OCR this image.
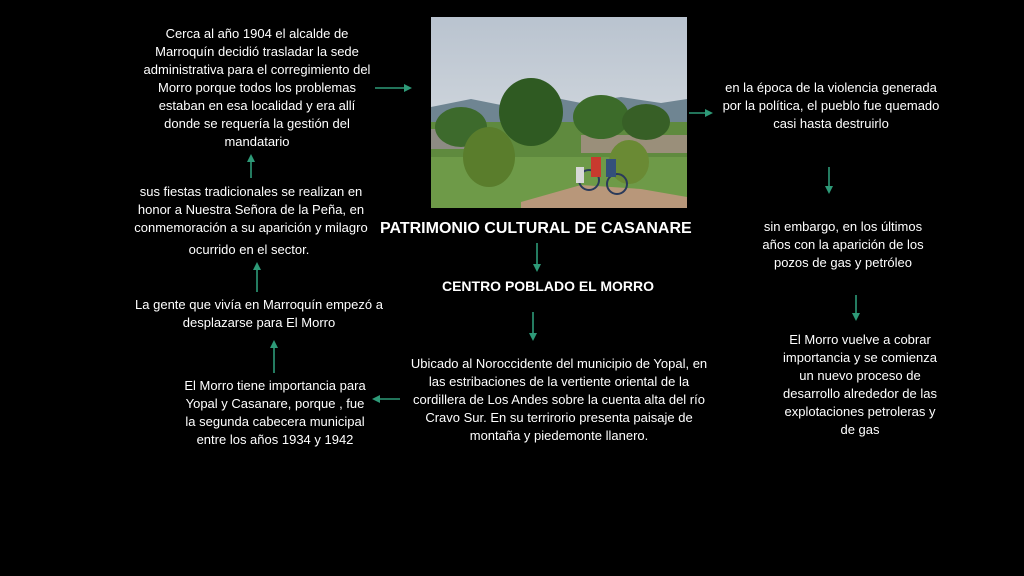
PATRIMONIO CULTURAL DE CASANARE
CENTRO POBLADO EL MORRO
Ubicado al Noroccidente del municipio de Yopal, en las estribaciones de la vertiente oriental de la cordillera de Los Andes sobre la cuenta alta del río Cravo Sur. En su terrirorio presenta paisaje de montaña y piedemonte llanero.
El Morro tiene importancia para Yopal y Casanare, porque , fue la segunda cabecera municipal entre los años 1934 y 1942
La gente que vivía en Marroquín empezó a desplazarse para El Morro
sus fiestas tradicionales se realizan en honor a Nuestra Señora de la Peña, en conmemoración a su aparición y milagro
ocurrido en el sector.
Cerca al año 1904 el alcalde de Marroquín decidió trasladar la sede administrativa para el corregimiento del Morro porque todos los problemas estaban en esa localidad y era allí donde se requería la gestión del mandatario
en la época de la violencia generada por la política, el pueblo fue quemado casi hasta destruirlo
sin embargo, en los últimos años con la aparición de los pozos de gas y petróleo
El Morro vuelve a cobrar importancia y se comienza un nuevo proceso de desarrollo alrededor de las explotaciones petroleras y de gas
